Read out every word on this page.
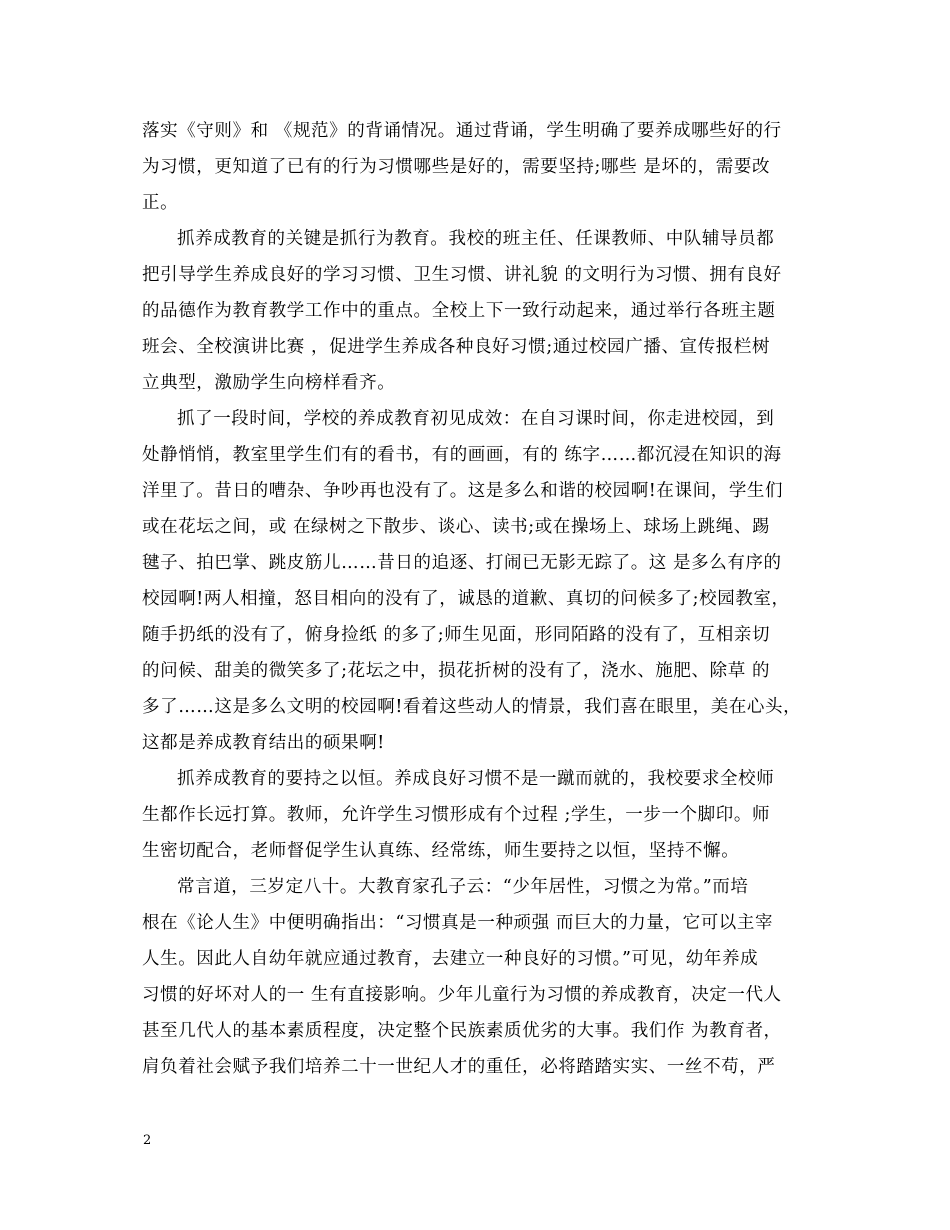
落实《守则》和 《规范》的背诵情况。通过背诵，学生明确了要养成哪些好的行
为习惯，更知道了已有的行为习惯哪些是好的，需要坚持;哪些 是坏的，需要改
正。
抓养成教育的关键是抓行为教育。我校的班主任、任课教师、中队辅导员都
把引导学生养成良好的学习习惯、卫生习惯、讲礼貌 的文明行为习惯、拥有良好
的品德作为教育教学工作中的重点。全校上下一致行动起来，通过举行各班主题
班会、全校演讲比赛 ，促进学生养成各种良好习惯;通过校园广播、宣传报栏树
立典型，激励学生向榜样看齐。
抓了一段时间，学校的养成教育初见成效：在自习课时间，你走进校园，到
处静悄悄，教室里学生们有的看书，有的画画，有的 练字……都沉浸在知识的海
洋里了。昔日的嘈杂、争吵再也没有了。这是多么和谐的校园啊!在课间，学生们
或在花坛之间，或 在绿树之下散步、谈心、读书;或在操场上、球场上跳绳、踢
毽子、拍巴掌、跳皮筋儿……昔日的追逐、打闹已无影无踪了。这 是多么有序的
校园啊!两人相撞，怒目相向的没有了，诚恳的道歉、真切的问候多了;校园教室，
随手扔纸的没有了，俯身捡纸 的多了;师生见面，形同陌路的没有了，互相亲切
的问候、甜美的微笑多了;花坛之中，损花折树的没有了，浇水、施肥、除草 的
多了……这是多么文明的校园啊!看着这些动人的情景，我们喜在眼里，美在心头，
这都是养成教育结出的硕果啊!
抓养成教育的要持之以恒。养成良好习惯不是一蹴而就的，我校要求全校师
生都作长远打算。教师，允许学生习惯形成有个过程 ;学生，一步一个脚印。师
生密切配合，老师督促学生认真练、经常练，师生要持之以恒，坚持不懈。
常言道，三岁定八十。大教育家孔子云：“少年居性，习惯之为常。”而培
根在《论人生》中便明确指出：“习惯真是一种顽强 而巨大的力量，它可以主宰
人生。因此人自幼年就应通过教育，去建立一种良好的习惯。”可见，幼年养成
习惯的好坏对人的一 生有直接影响。少年儿童行为习惯的养成教育，决定一代人
甚至几代人的基本素质程度，决定整个民族素质优劣的大事。我们作 为教育者，
肩负着社会赋予我们培养二十一世纪人才的重任，必将踏踏实实、一丝不苟，严
2
